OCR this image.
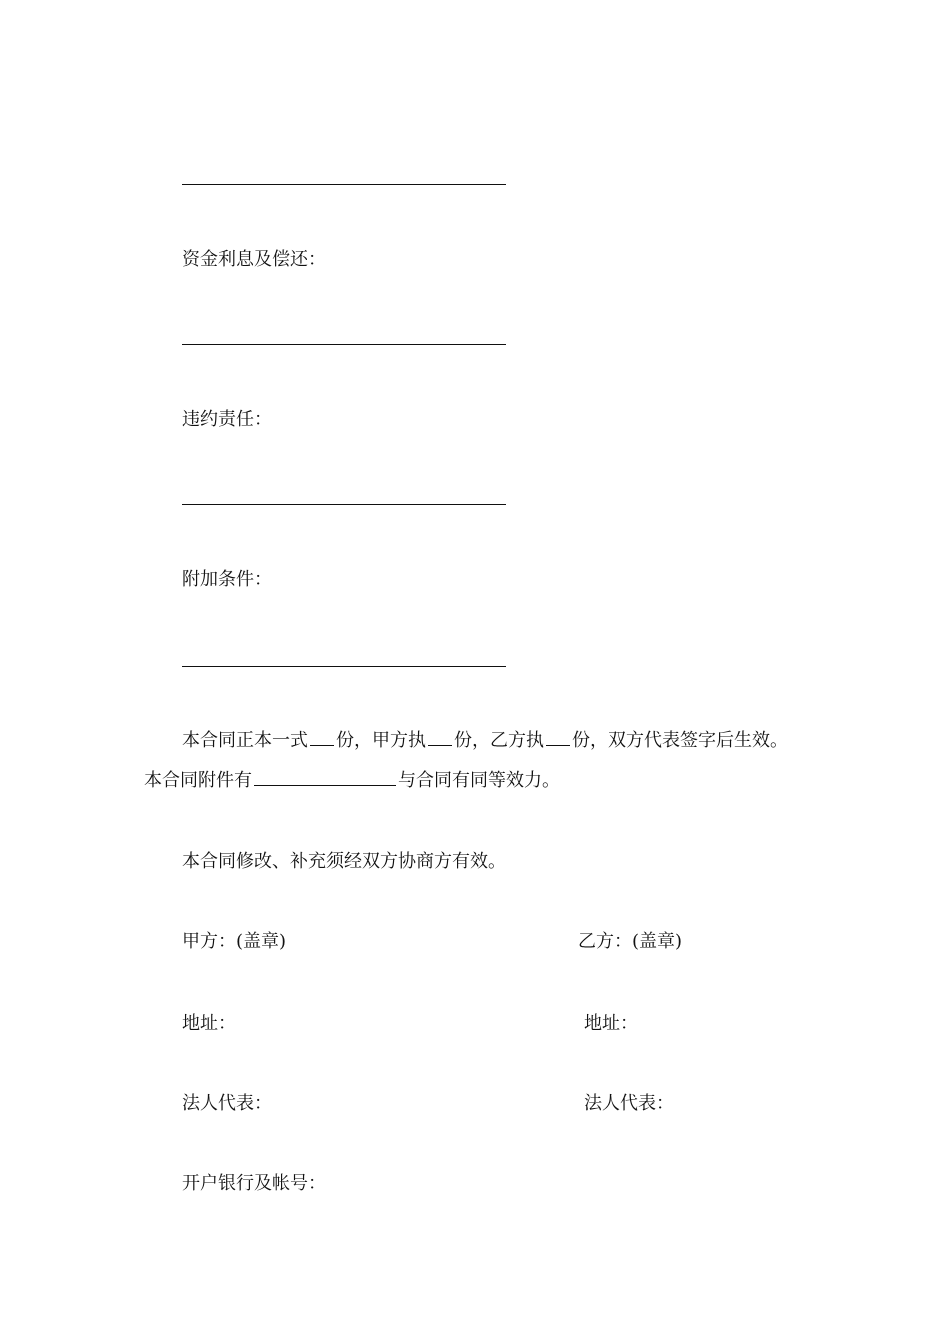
资金利息及偿还：
违约责任：
附加条件：
本合同正本一式 份，甲方执 份，乙方执 份，双方代表签字后生效。
本合同附件有	与合同有同等效力。
本合同修改、补充须经双方协商方有效。
甲方：(盖章)	乙方：(盖章)
地址：	地址：
法人代表：	法人代表：
开户银行及帐号：
